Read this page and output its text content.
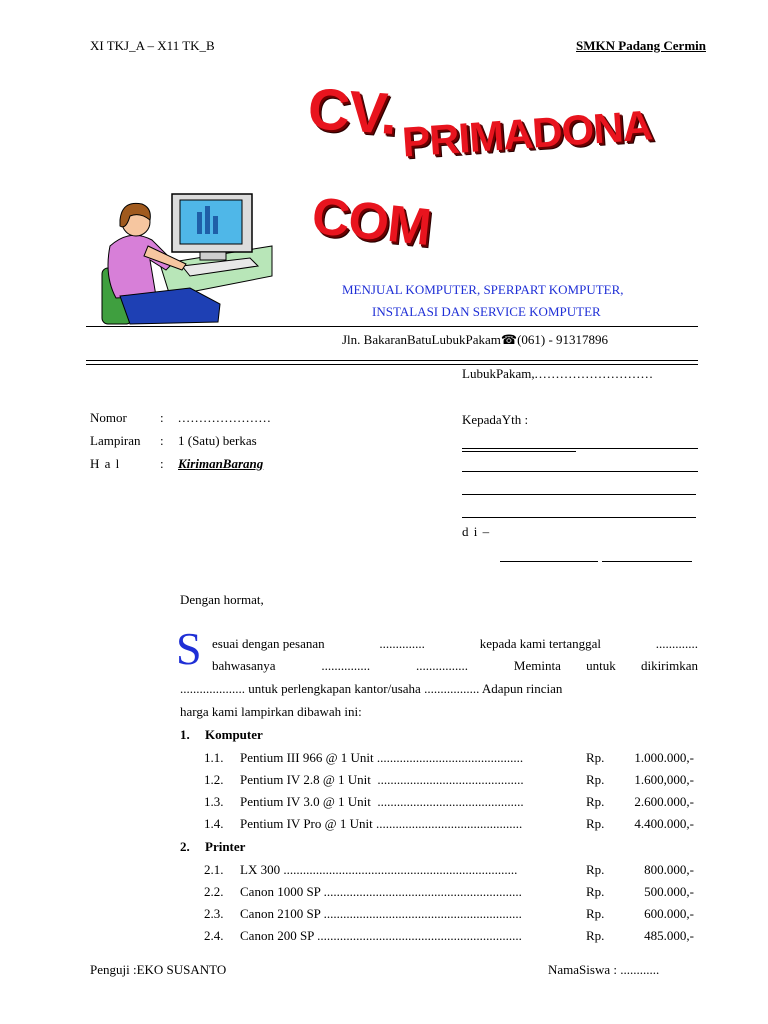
XI TKJ_A – X11 TK_B	SMKN Padang Cermin
CV. PRIMADONA
COM
MENJUAL KOMPUTER, SPERPART KOMPUTER,
INSTALASI DAN SERVICE KOMPUTER
Jln. BakaranBatuLubukPakam☎(061) - 91317896
LubukPakam,............................
Nomor	: ......................
Lampiran : 1 (Satu) berkas
H a l	: KirimanBarang
KepadaYth :
d i –
Dengan hormat,
S esuai dengan pesanan	..............	kepada kami tertanggal	.............
bahwasanya	...............	................	Meminta untuk dikirimkan
.................... untuk perlengkapan kantor/usaha ................. Adapun rincian
harga kami lampirkan dibawah ini:
1. Komputer
1.1. Pentium III 966 @ 1 Unit .............................................	Rp. 1.000.000,-
1.2. Pentium IV 2.8 @ 1 Unit .............................................	Rp. 1.600,000,-
1.3. Pentium IV 3.0 @ 1 Unit .............................................	Rp. 2.600.000,-
1.4. Pentium IV Pro @ 1 Unit .............................................	Rp. 4.400.000,-
2. Printer
2.1. LX 300 ........................................................................	Rp.	800.000,-
2.2. Canon 1000 SP .............................................................	Rp.	500.000,-
2.3. Canon 2100 SP .............................................................	Rp.	600.000,-
2.4. Canon 200 SP ...............................................................	Rp.	485.000,-
Penguji :EKO SUSANTO	NamaSiswa : ............
